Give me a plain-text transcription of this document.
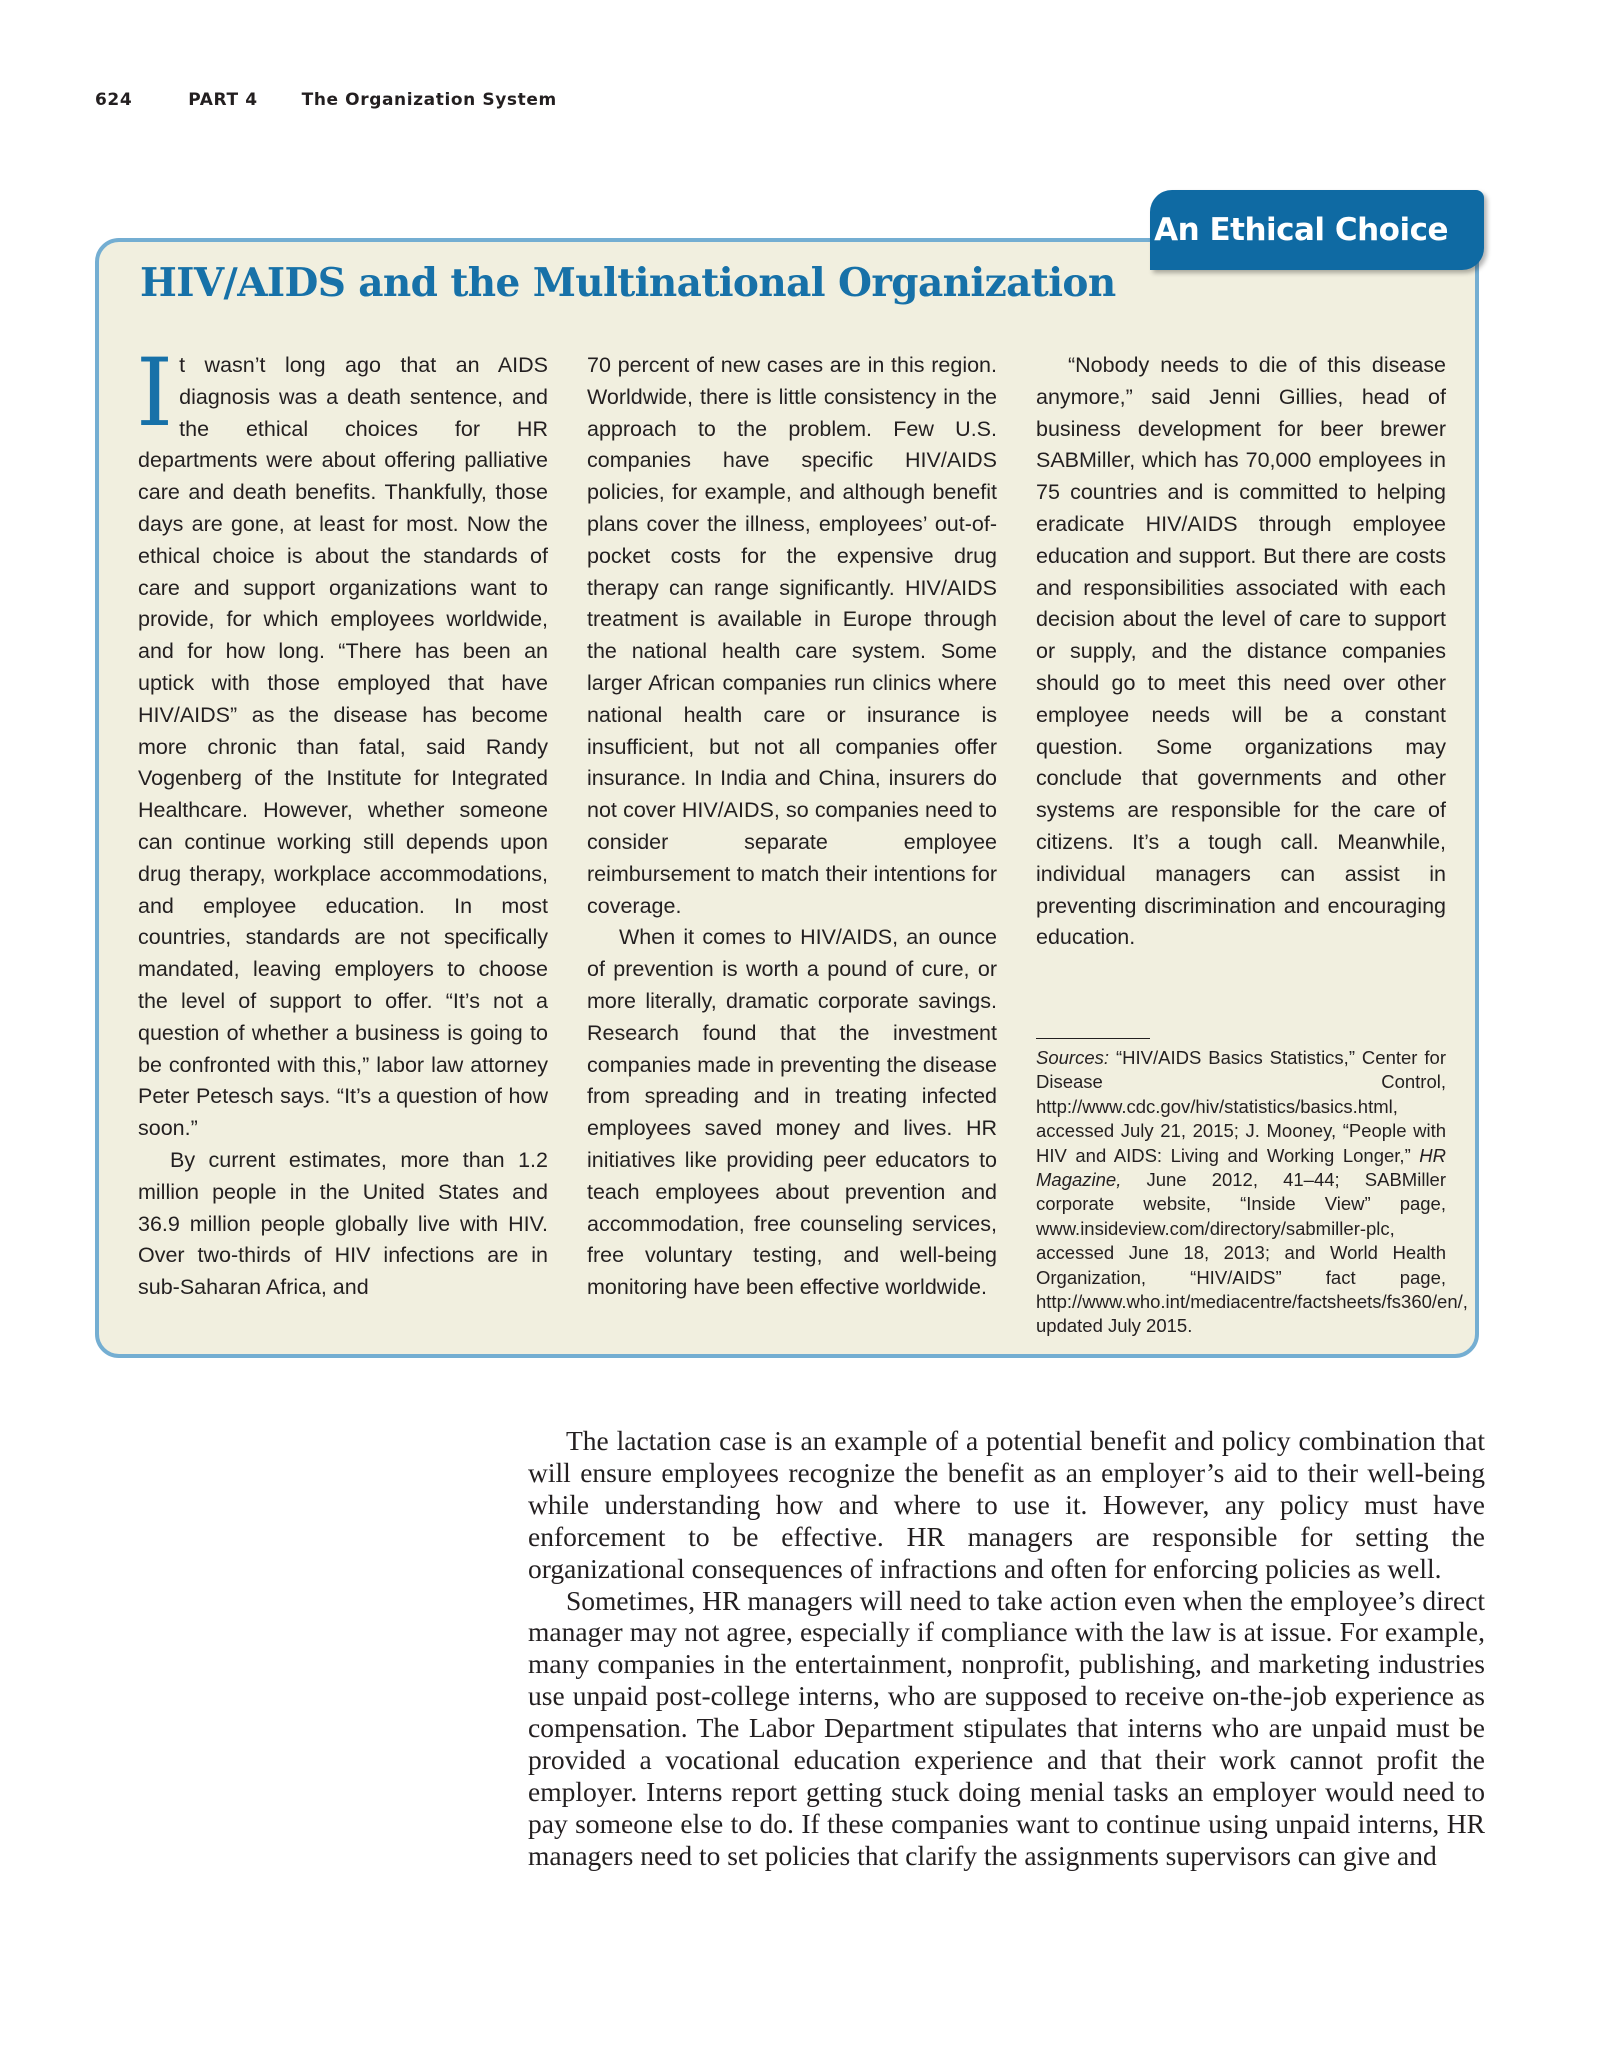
624	PART 4	The Organization System
An Ethical Choice
HIV/AIDS and the Multinational Organization

It wasn’t long ago that an AIDS diagnosis was a death sentence, and the ethical choices for HR departments were about offering palliative care and death benefits. Thankfully, those days are gone, at least for most. Now the ethical choice is about the standards of care and support organizations want to provide, for which employees worldwide, and for how long. “There has been an uptick with those employed that have HIV/AIDS” as the disease has become more chronic than fatal, said Randy Vogenberg of the Institute for Integrated Healthcare. However, whether someone can continue working still depends upon drug therapy, workplace accommodations, and employee education. In most countries, standards are not specifically mandated, leaving employers to choose the level of support to offer. “It’s not a question of whether a business is going to be confronted with this,” labor law attorney Peter Petesch says. “It’s a question of how soon.”

By current estimates, more than 1.2 million people in the United States and 36.9 million people globally live with HIV. Over two-thirds of HIV infections are in sub-Saharan Africa, and

70 percent of new cases are in this region. Worldwide, there is little consistency in the approach to the problem. Few U.S. companies have specific HIV/AIDS policies, for example, and although benefit plans cover the illness, employees’ out-of-pocket costs for the expensive drug therapy can range significantly. HIV/AIDS treatment is available in Europe through the national health care system. Some larger African companies run clinics where national health care or insurance is insufficient, but not all companies offer insurance. In India and China, insurers do not cover HIV/AIDS, so companies need to consider separate employee reimbursement to match their intentions for coverage.

When it comes to HIV/AIDS, an ounce of prevention is worth a pound of cure, or more literally, dramatic corporate savings. Research found that the investment companies made in preventing the disease from spreading and in treating infected employees saved money and lives. HR initiatives like providing peer educators to teach employees about prevention and accommodation, free counseling services, free voluntary testing, and well-being monitoring have been effective worldwide.

“Nobody needs to die of this disease anymore,” said Jenni Gillies, head of business development for beer brewer SABMiller, which has 70,000 employees in 75 countries and is committed to helping eradicate HIV/AIDS through employee education and support. But there are costs and responsibilities associated with each decision about the level of care to support or supply, and the distance companies should go to meet this need over other employee needs will be a constant question. Some organizations may conclude that governments and other systems are responsible for the care of citizens. It’s a tough call. Meanwhile, individual managers can assist in preventing discrimination and encouraging education.

Sources: “HIV/AIDS Basics Statistics,” Center for Disease Control, http://www.cdc.gov/hiv/statistics/basics.html, accessed July 21, 2015; J. Mooney, “People with HIV and AIDS: Living and Working Longer,” HR Magazine, June 2012, 41–44; SABMiller corporate website, “Inside View” page, www.insideview.com/directory/sabmiller-plc, accessed June 18, 2013; and World Health Organization, “HIV/AIDS” fact page, http://www.who.int/mediacentre/factsheets/fs360/en/, updated July 2015.

The lactation case is an example of a potential benefit and policy combination that will ensure employees recognize the benefit as an employer’s aid to their well-being while understanding how and where to use it. However, any policy must have enforcement to be effective. HR managers are responsible for setting the organizational consequences of infractions and often for enforcing policies as well.

Sometimes, HR managers will need to take action even when the employee’s direct manager may not agree, especially if compliance with the law is at issue. For example, many companies in the entertainment, nonprofit, publishing, and marketing industries use unpaid post-college interns, who are supposed to receive on-the-job experience as compensation. The Labor Department stipulates that interns who are unpaid must be provided a vocational education experience and that their work cannot profit the employer. Interns report getting stuck doing menial tasks an employer would need to pay someone else to do. If these companies want to continue using unpaid interns, HR managers need to set policies that clarify the assignments supervisors can give and
